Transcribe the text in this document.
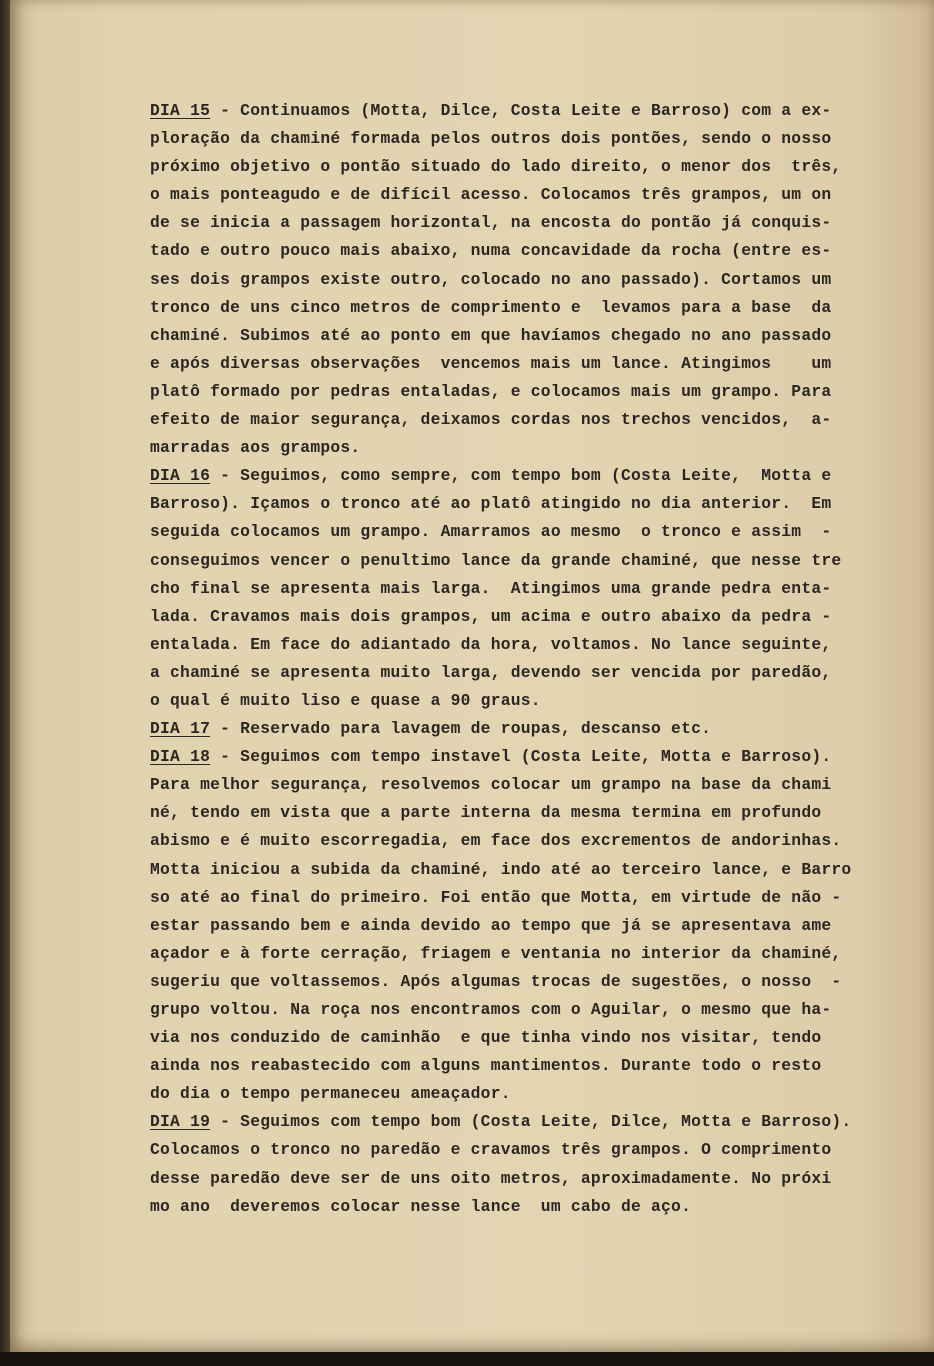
DIA 15 - Continuamos (Motta, Dilce, Costa Leite e Barroso) com a ex-
ploração da chaminé formada pelos outros dois pontões, sendo o nosso
próximo objetivo o pontão situado do lado direito, o menor dos  três,
o mais ponteagudo e de difícil acesso. Colocamos três grampos, um on
de se inicia a passagem horizontal, na encosta do pontão já conquis-
tado e outro pouco mais abaixo, numa concavidade da rocha (entre es-
ses dois grampos existe outro, colocado no ano passado). Cortamos um
tronco de uns cinco metros de comprimento e  levamos para a base  da
chaminé. Subimos até ao ponto em que havíamos chegado no ano passado
e após diversas observações  vencemos mais um lance. Atingimos    um
platô formado por pedras entaladas, e colocamos mais um grampo. Para
efeito de maior segurança, deixamos cordas nos trechos vencidos,  a-
marradas aos grampos.
DIA 16 - Seguimos, como sempre, com tempo bom (Costa Leite,  Motta e
Barroso). Içamos o tronco até ao platô atingido no dia anterior.  Em
seguida colocamos um grampo. Amarramos ao mesmo  o tronco e assim  -
conseguimos vencer o penultimo lance da grande chaminé, que nesse tre
cho final se apresenta mais larga.  Atingimos uma grande pedra enta-
lada. Cravamos mais dois grampos, um acima e outro abaixo da pedra -
entalada. Em face do adiantado da hora, voltamos. No lance seguinte,
a chaminé se apresenta muito larga, devendo ser vencida por paredão,
o qual é muito liso e quase a 90 graus.
DIA 17 - Reservado para lavagem de roupas, descanso etc.
DIA 18 - Seguimos com tempo instavel (Costa Leite, Motta e Barroso).
Para melhor segurança, resolvemos colocar um grampo na base da chami
né, tendo em vista que a parte interna da mesma termina em profundo
abismo e é muito escorregadia, em face dos excrementos de andorinhas.
Motta iniciou a subida da chaminé, indo até ao terceiro lance, e Barro
so até ao final do primeiro. Foi então que Motta, em virtude de não -
estar passando bem e ainda devido ao tempo que já se apresentava ame
açador e à forte cerração, friagem e ventania no interior da chaminé,
sugeriu que voltassemos. Após algumas trocas de sugestões, o nosso  -
grupo voltou. Na roça nos encontramos com o Aguilar, o mesmo que ha-
via nos conduzido de caminhão  e que tinha vindo nos visitar, tendo
ainda nos reabastecido com alguns mantimentos. Durante todo o resto
do dia o tempo permaneceu ameaçador.
DIA 19 - Seguimos com tempo bom (Costa Leite, Dilce, Motta e Barroso).
Colocamos o tronco no paredão e cravamos três grampos. O comprimento
desse paredão deve ser de uns oito metros, aproximadamente. No próxi
mo ano  deveremos colocar nesse lance  um cabo de aço.
